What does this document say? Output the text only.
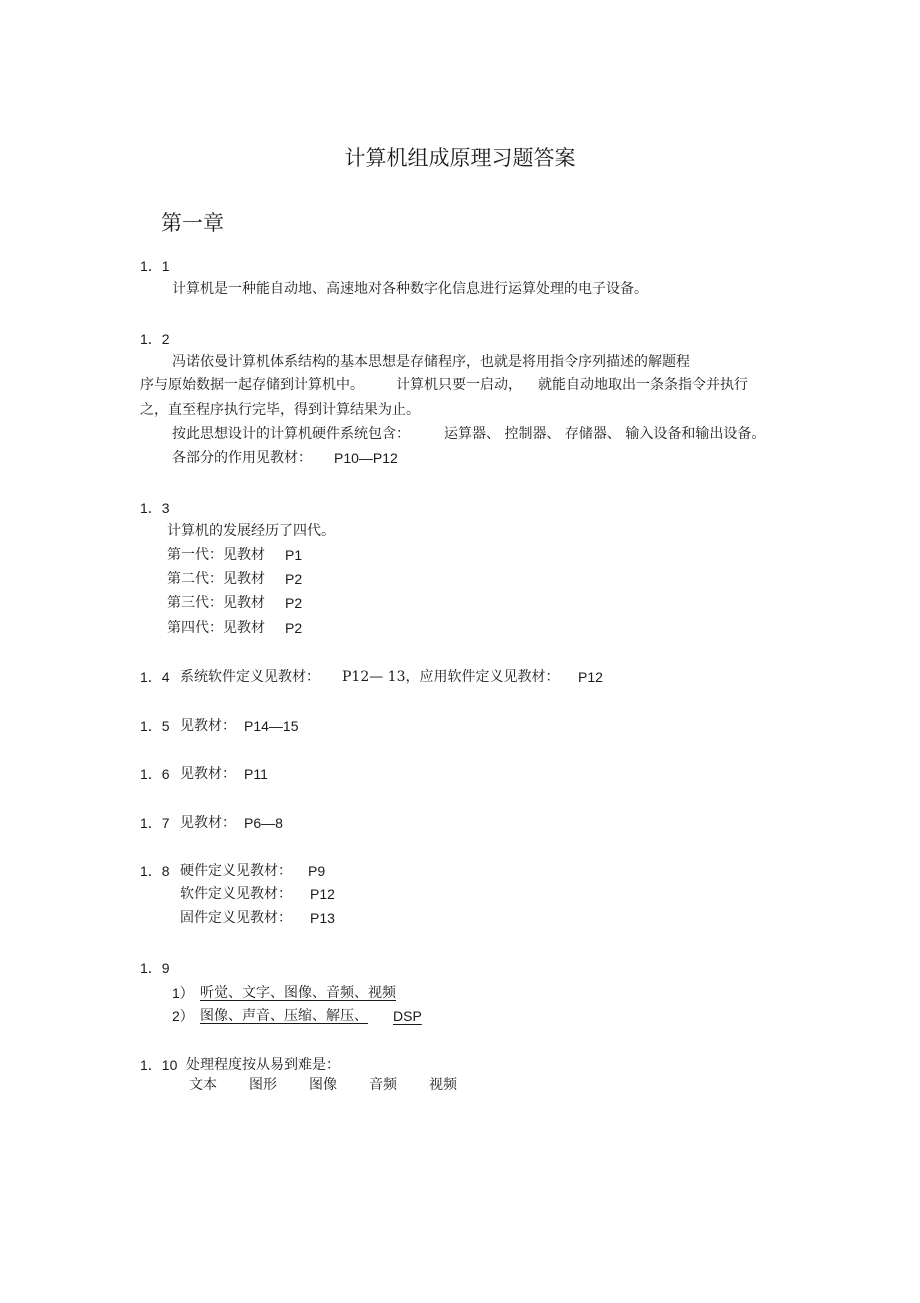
计算机组成原理习题答案
第一章
1．1
计算机是一种能自动地、高速地对各种数字化信息进行运算处理的电子设备。
1．2
冯诺依曼计算机体系结构的基本思想是存储程序，也就是将用指令序列描述的解题程
序与原始数据一起存储到计算机中。 计算机只要一启动， 就能自动地取出一条条指令并执行
之，直至程序执行完毕，得到计算结果为止。
按此思想设计的计算机硬件系统包含： 运算器、 控制器、 存储器、 输入设备和输出设备。
各部分的作用见教材： P10—P12
1．3
计算机的发展经历了四代。
第一代：见教材 P1
第二代：见教材 P2
第三代：见教材 P2
第四代：见教材 P2
1．4 系统软件定义见教材： P12— 13，应用软件定义见教材： P12
1．5 见教材： P14—15
1．6 见教材： P11
1．7 见教材： P6—8
1．8 硬件定义见教材： P9
软件定义见教材： P12
固件定义见教材： P13
1．9
1） 听觉、文字、图像、音频、视频
2） 图像、声音、压缩、解压、	DSP
1．10 处理程度按从易到难是：
文本 图形 图像 音频 视频
